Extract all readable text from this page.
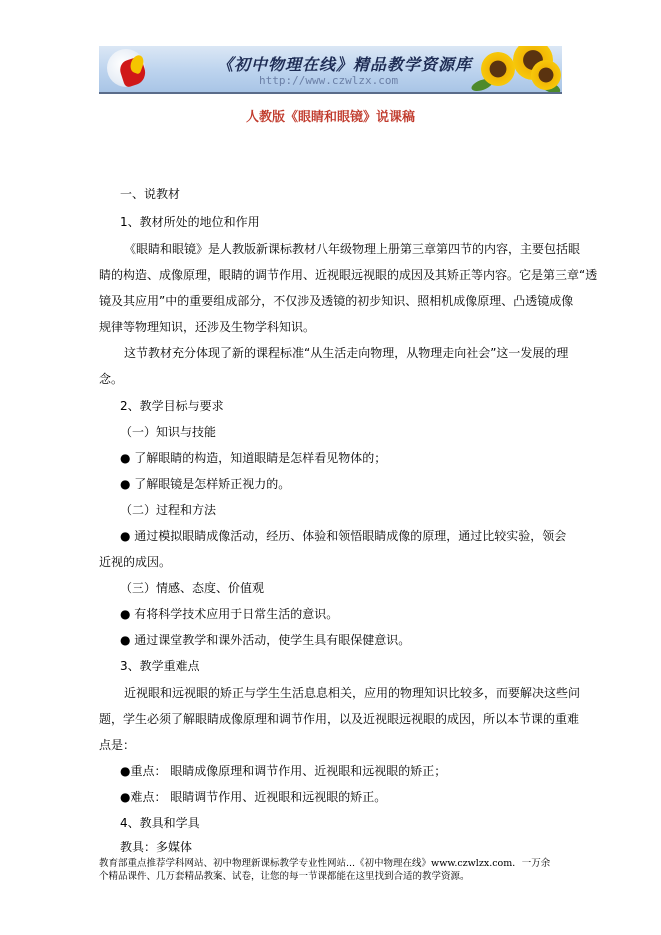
《初中物理在线》精品教学资源库
http://www.czwlzx.com
人教版《眼睛和眼镜》说课稿
一、说教材
1、教材所处的地位和作用
《眼睛和眼镜》是人教版新课标教材八年级物理上册第三章第四节的内容，主要包括眼
睛的构造、成像原理，眼睛的调节作用、近视眼远视眼的成因及其矫正等内容。它是第三章“透
镜及其应用”中的重要组成部分，不仅涉及透镜的初步知识、照相机成像原理、凸透镜成像
规律等物理知识，还涉及生物学科知识。
这节教材充分体现了新的课程标准“从生活走向物理，从物理走向社会”这一发展的理
念。
2、教学目标与要求
（一）知识与技能
● 了解眼睛的构造，知道眼睛是怎样看见物体的；
● 了解眼镜是怎样矫正视力的。
（二）过程和方法
● 通过模拟眼睛成像活动，经历、体验和领悟眼睛成像的原理，通过比较实验，领会
近视的成因。
（三）情感、态度、价值观
● 有将科学技术应用于日常生活的意识。
● 通过课堂教学和课外活动，使学生具有眼保健意识。
3、教学重难点
近视眼和远视眼的矫正与学生生活息息相关，应用的物理知识比较多，而要解决这些问
题，学生必须了解眼睛成像原理和调节作用，以及近视眼远视眼的成因，所以本节课的重难
点是：
●重点： 眼睛成像原理和调节作用、近视眼和远视眼的矫正；
●难点： 眼睛调节作用、近视眼和远视眼的矫正。
4、教具和学具
教具：多媒体
教育部重点推荐学科网站、初中物理新课标教学专业性网站...《初中物理在线》www.czwlzx.com．一万余
个精品课件、几万套精品教案、试卷，让您的每一节课都能在这里找到合适的教学资源。
